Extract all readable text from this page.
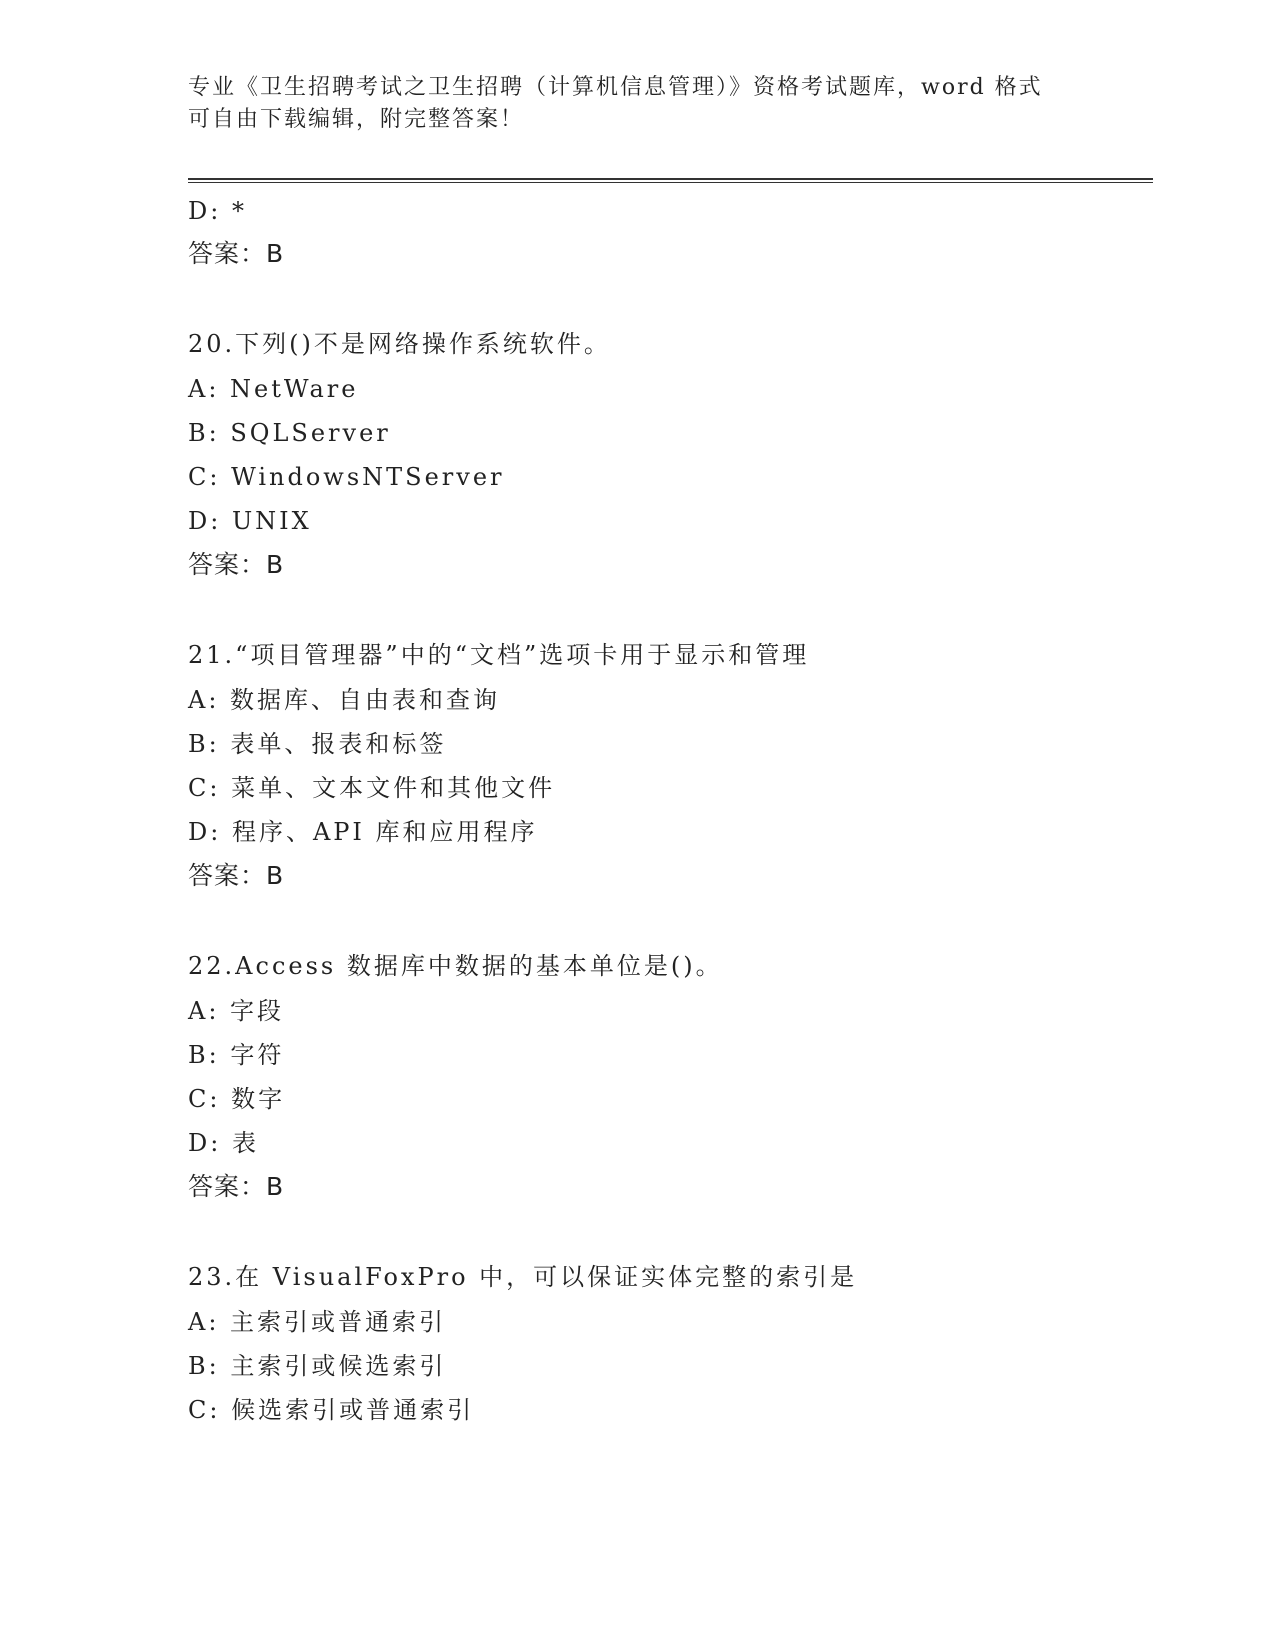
专业《卫生招聘考试之卫生招聘（计算机信息管理）》资格考试题库，word 格式
可自由下载编辑，附完整答案！
D: *
答案：B
20.下列()不是网络操作系统软件。
A: NetWare
B: SQLServer
C: WindowsNTServer
D: UNIX
答案：B
21.“项目管理器”中的“文档”选项卡用于显示和管理
A: 数据库、自由表和查询
B: 表单、报表和标签
C: 菜单、文本文件和其他文件
D: 程序、API 库和应用程序
答案：B
22.Access 数据库中数据的基本单位是()。
A: 字段
B: 字符
C: 数字
D: 表
答案：B
23.在 VisualFoxPro 中，可以保证实体完整的索引是
A: 主索引或普通索引
B: 主索引或候选索引
C: 候选索引或普通索引
